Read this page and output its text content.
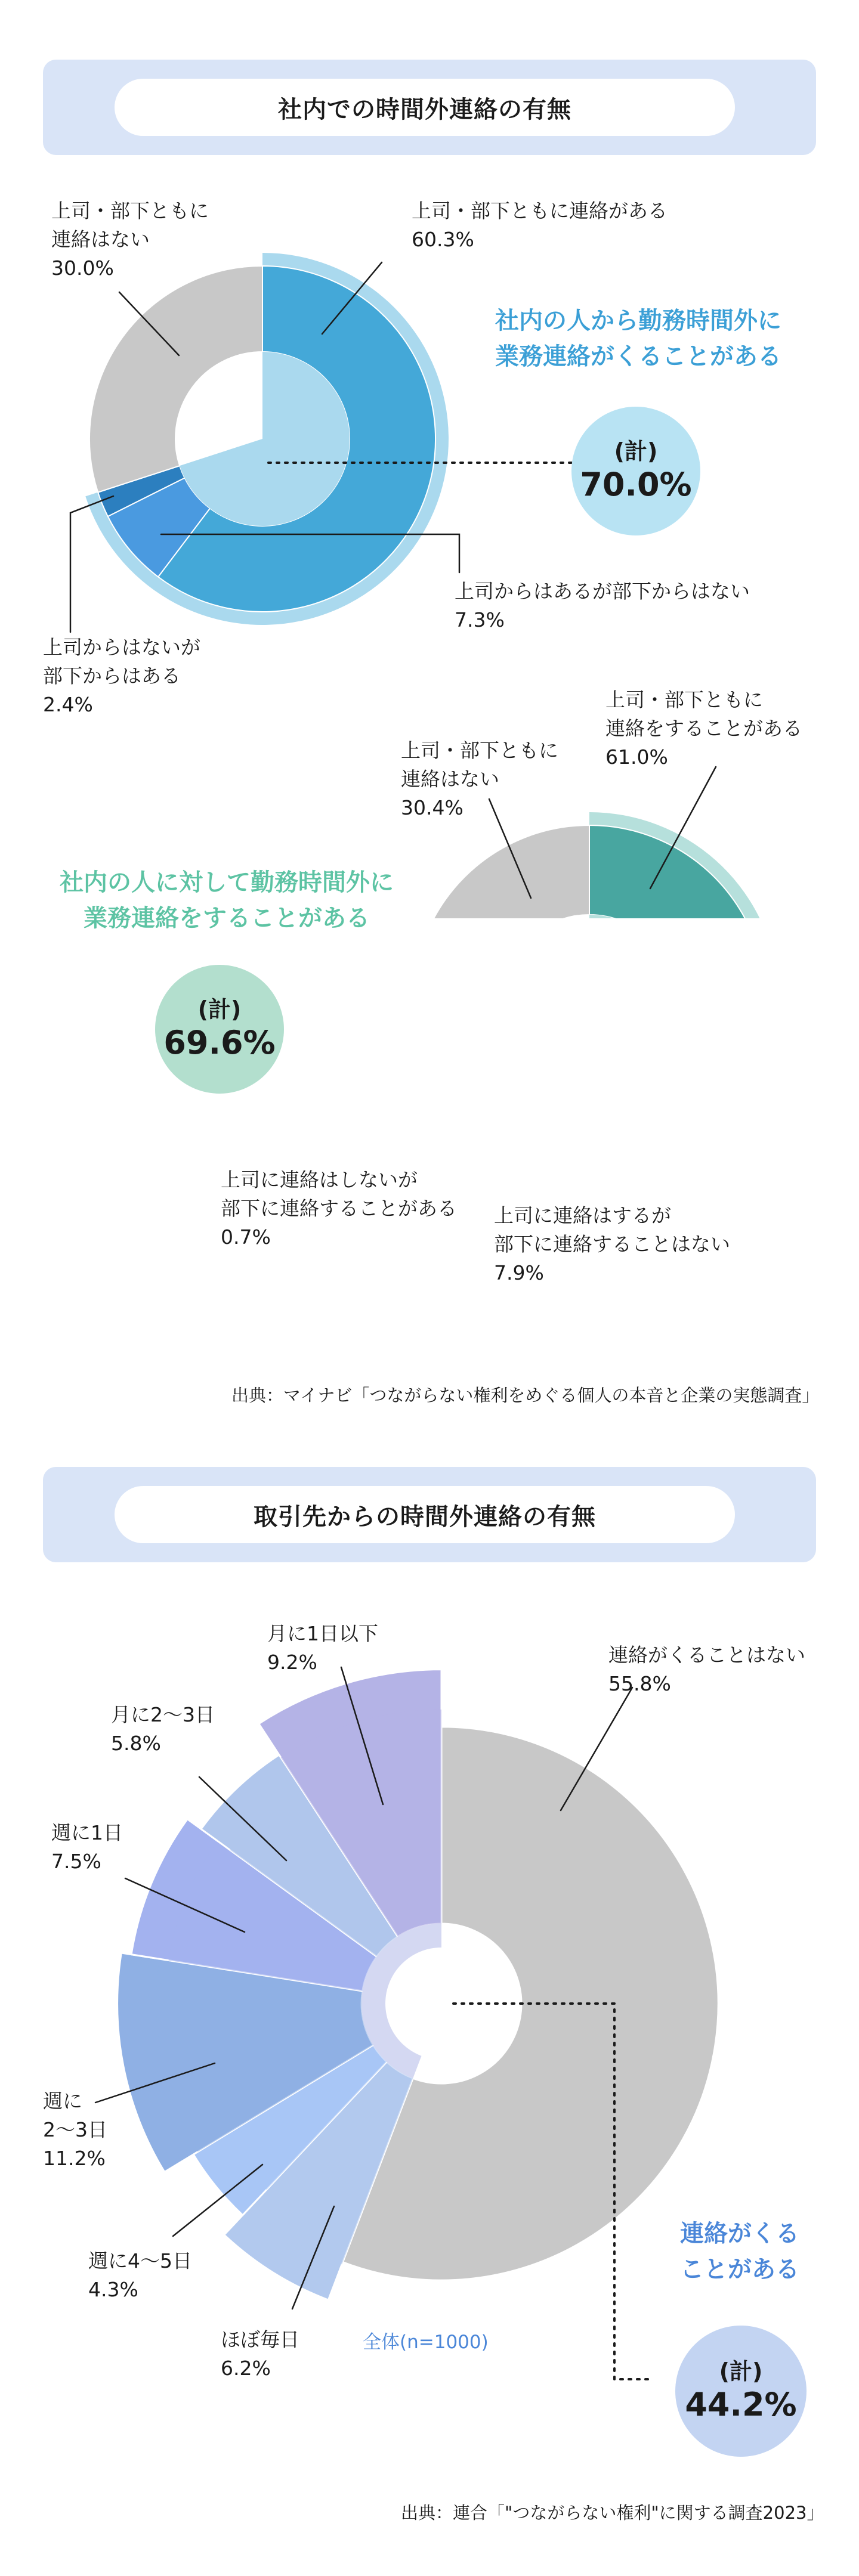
社内での時間外連絡の有無
上司・部下ともに連絡がある
60.3%
上司・部下ともに
連絡はない
30.0%
上司からはあるが部下からはない
7.3%
上司からはないが
部下からはある
2.4%
社内の人から勤務時間外に
業務連絡がくることがある
(計)
70.0%
上司・部下ともに
連絡をすることがある
61.0%
上司・部下ともに
連絡はない
30.4%
上司に連絡はするが
部下に連絡することはない
7.9%
上司に連絡はしないが
部下に連絡することがある
0.7%
社内の人に対して勤務時間外に
業務連絡をすることがある
(計)
69.6%
出典：マイナビ「つながらない権利をめぐる個人の本音と企業の実態調査」
取引先からの時間外連絡の有無
連絡がくることはない
55.8%
月に1日以下
9.2%
月に2〜3日
5.8%
週に1日
7.5%
週に
2〜3日
11.2%
週に4〜5日
4.3%
ほぼ毎日
6.2%
全体(n=1000)
連絡がくる
ことがある
(計)
44.2%
出典：連合「"つながらない権利"に関する調査2023」
